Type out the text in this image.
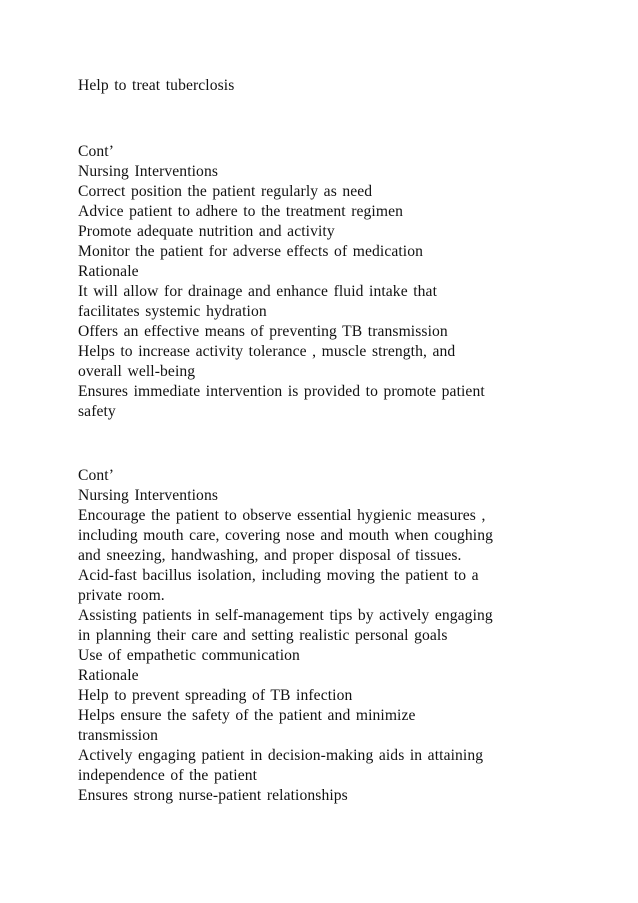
Help to treat tuberclosis
Cont’
Nursing Interventions
Correct position the patient regularly as need
Advice patient to adhere to the treatment regimen
Promote adequate nutrition and activity
Monitor the patient for adverse effects of medication
Rationale
It will allow for drainage and enhance fluid intake that
facilitates systemic hydration
Offers an effective means of preventing TB transmission
Helps to increase activity tolerance , muscle strength, and
overall well-being
Ensures immediate intervention is provided to promote patient
safety
Cont’
Nursing Interventions
Encourage the patient to observe essential hygienic measures ,
including mouth care, covering nose and mouth when coughing
and sneezing, handwashing, and proper disposal of tissues.
Acid-fast bacillus isolation, including moving the patient to a
private room.
Assisting patients in self-management tips by actively engaging
in planning their care and setting realistic personal goals
Use of empathetic communication
Rationale
Help to prevent spreading of TB infection
Helps ensure the safety of the patient and minimize
transmission
Actively engaging patient in decision-making aids in attaining
independence of the patient
Ensures strong nurse-patient relationships
